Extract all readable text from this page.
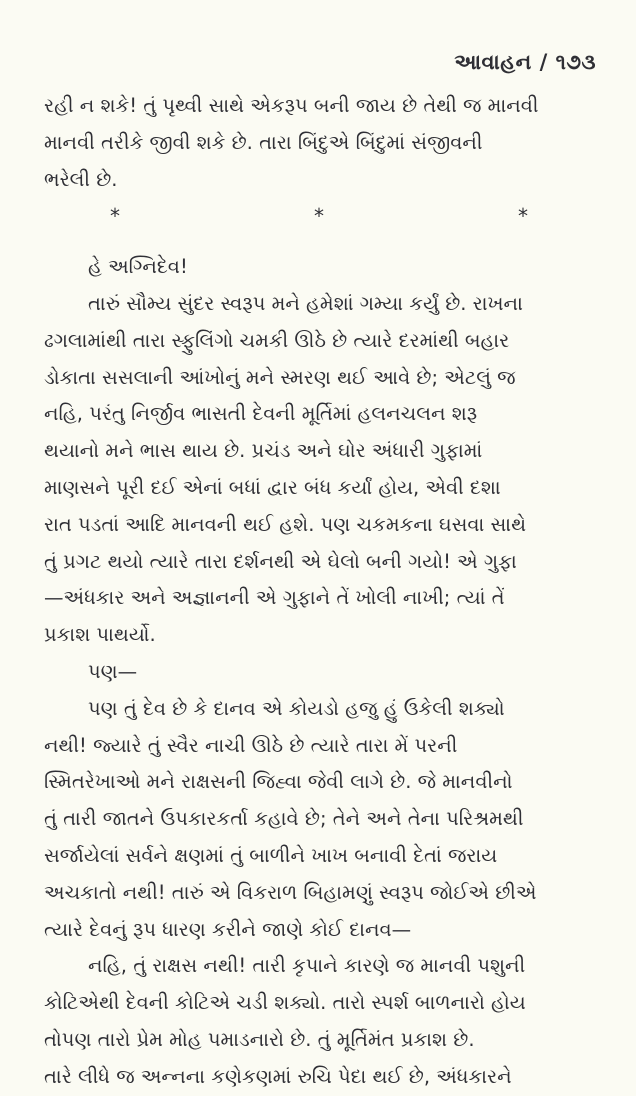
આવાહન / ૧૭૩
રહી ન શકે! તું પૃથ્વી સાથે એકરૂપ બની જાય છે તેથી જ માનવી
માનવી તરીકે જીવી શકે છે. તારા બિંદુએ બિંદુમાં સંજીવની
ભરેલી છે.
*	*	*
હે અગ્નિદેવ!
તારું સૌમ્ય સુંદર સ્વરૂપ મને હમેશાં ગમ્યા કર્યું છે. રાખના
ઢગલામાંથી તારા સ્ફુલિંગો ચમકી ઊઠે છે ત્યારે દરમાંથી બહાર
ડોકાતા સસલાની આંખોનું મને સ્મરણ થઈ આવે છે; એટલું જ
નહિ, પરંતુ નિર્જીવ ભાસતી દેવની મૂર્તિમાં હલનચલન શરૂ
થયાનો મને ભાસ થાય છે. પ્રચંડ અને ઘોર અંધારી ગુફામાં
માણસને પૂરી દઈ એનાં બધાં દ્વાર બંધ કર્યાં હોય, એવી દશા
રાત પડતાં આદિ માનવની થઈ હશે. પણ ચકમકના ઘસવા સાથે
તું પ્રગટ થયો ત્યારે તારા દર્શનથી એ ઘેલો બની ગયો! એ ગુફા
—અંધકાર અને અજ્ઞાનની એ ગુફાને તેં ખોલી નાખી; ત્યાં તેં
પ્રકાશ પાથર્યો.
પણ—
પણ તું દેવ છે કે દાનવ એ કોયડો હજુ હું ઉકેલી શક્યો
નથી! જ્યારે તું સ્વૈર નાચી ઊઠે છે ત્યારે તારા મેં પરની
સ્મિતરેખાઓ મને રાક્ષસની જિહ્વા જેવી લાગે છે. જે માનવીનો
તું તારી જાતને ઉપકારકર્તા કહાવે છે; તેને અને તેના પરિશ્રમથી
સર્જાયેલાં સર્વને ક્ષણમાં તું બાળીને ખાખ બનાવી દેતાં જરાય
અચકાતો નથી! તારું એ વિકરાળ બિહામણું સ્વરૂપ જોઈએ છીએ
ત્યારે દેવનું રૂપ ધારણ કરીને જાણે કોઈ દાનવ—
નહિ, તું રાક્ષસ નથી! તારી કૃપાને કારણે જ માનવી પશુની
કોટિએથી દેવની કોટિએ ચડી શક્યો. તારો સ્પર્શ બાળનારો હોય
તોપણ તારો પ્રેમ મોહ પમાડનારો છે. તું મૂર્તિમંત પ્રકાશ છે.
તારે લીધે જ અન્નના કણેકણમાં રુચિ પેદા થઈ છે, અંધકારને
